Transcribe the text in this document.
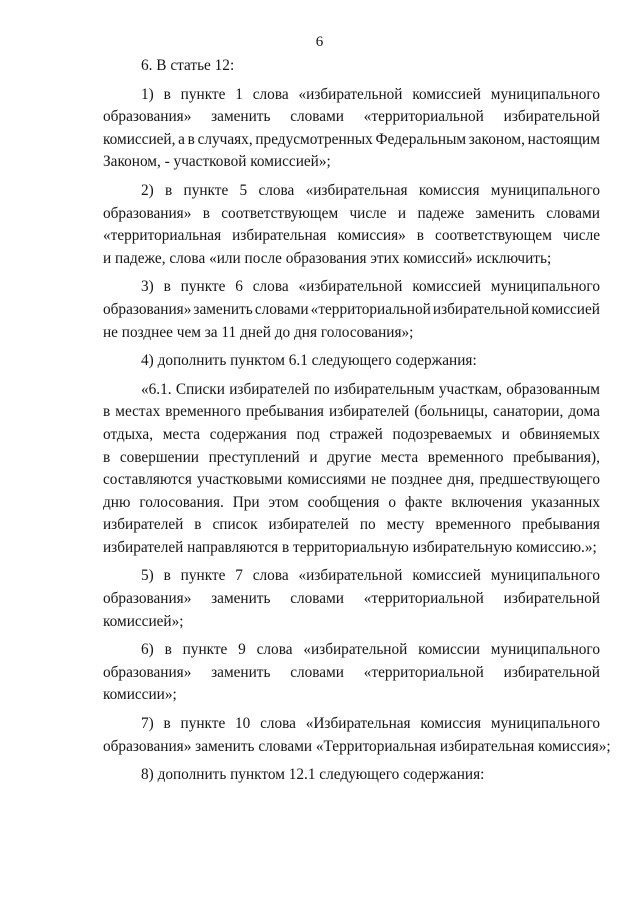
6
6. В статье 12:
1) в пункте 1 слова «избирательной комиссией муниципального
образования» заменить словами «территориальной избирательной
комиссией, а в случаях, предусмотренных Федеральным законом, настоящим
Законом, - участковой комиссией»;
2) в пункте 5 слова «избирательная комиссия муниципального
образования» в соответствующем числе и падеже заменить словами
«территориальная избирательная комиссия» в соответствующем числе
и падеже, слова «или после образования этих комиссий» исключить;
3) в пункте 6 слова «избирательной комиссией муниципального
образования» заменить словами «территориальной избирательной комиссией
не позднее чем за 11 дней до дня голосования»;
4) дополнить пунктом 6.1 следующего содержания:
«6.1. Списки избирателей по избирательным участкам, образованным
в местах временного пребывания избирателей (больницы, санатории, дома
отдыха, места содержания под стражей подозреваемых и обвиняемых
в совершении преступлений и другие места временного пребывания),
составляются участковыми комиссиями не позднее дня, предшествующего
дню голосования. При этом сообщения о факте включения указанных
избирателей в список избирателей по месту временного пребывания
избирателей направляются в территориальную избирательную комиссию.»;
5) в пункте 7 слова «избирательной комиссией муниципального
образования» заменить словами «территориальной избирательной
комиссией»;
6) в пункте 9 слова «избирательной комиссии муниципального
образования» заменить словами «территориальной избирательной
комиссии»;
7) в пункте 10 слова «Избирательная комиссия муниципального
образования» заменить словами «Территориальная избирательная комиссия»;
8) дополнить пунктом 12.1 следующего содержания:
